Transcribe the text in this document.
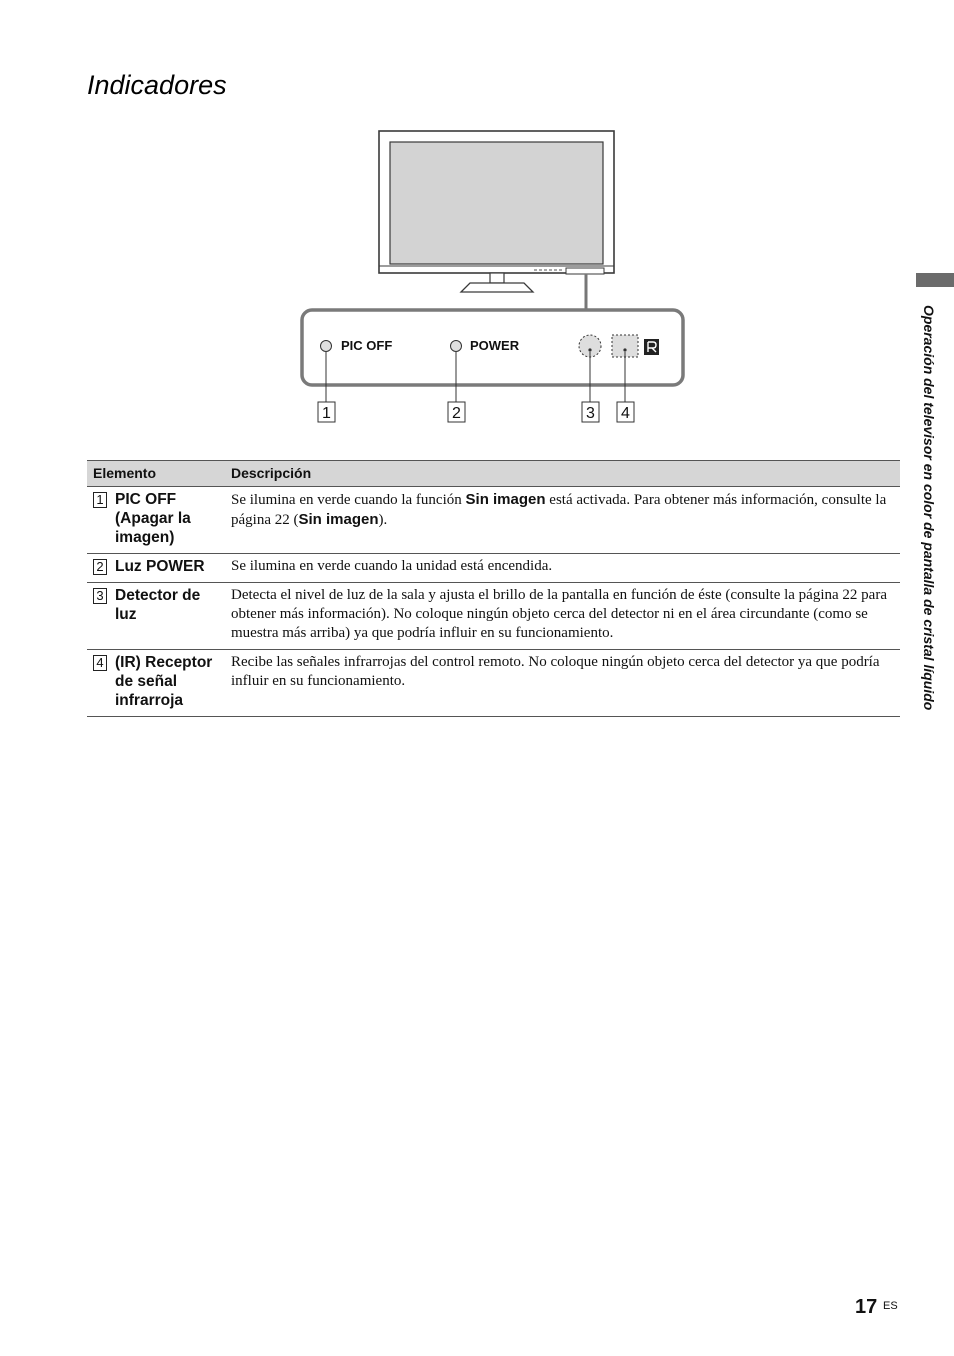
Indicadores
Operación del televisor en color de pantalla de cristal líquido
PIC OFF	POWER
1	2	3 4
Elemento	Descripción

1 PIC OFF (Apagar la imagen)	Se ilumina en verde cuando la función Sin imagen está activada. Para obtener más información, consulte la página 22 (Sin imagen).

2 Luz POWER	Se ilumina en verde cuando la unidad está encendida.

3 Detector de luz	Detecta el nivel de luz de la sala y ajusta el brillo de la pantalla en función de éste (consulte la página 22 para obtener más información). No coloque ningún objeto cerca del detector ni en el área circundante (como se muestra más arriba) ya que podría influir en su funcionamiento.

4 (IR) Receptor de señal infrarroja	Recibe las señales infrarrojas del control remoto. No coloque ningún objeto cerca del detector ya que podría influir en su funcionamiento.
17 ES
